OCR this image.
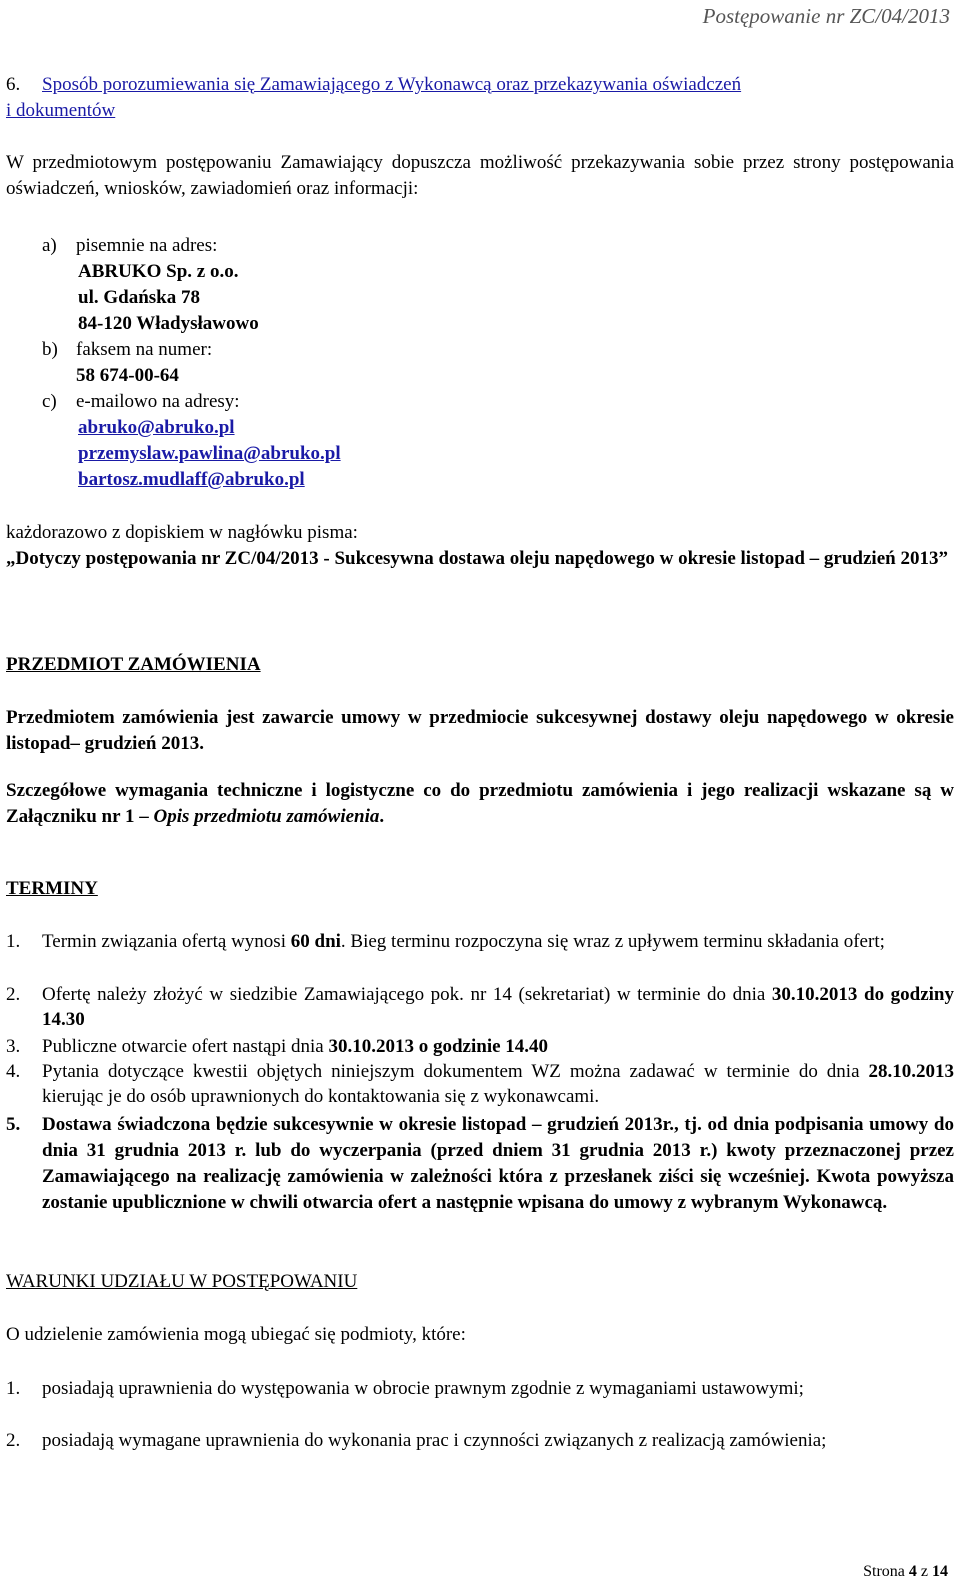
Postępowanie nr ZC/04/2013
6. Sposób porozumiewania się Zamawiającego z Wykonawcą oraz przekazywania oświadczeń
i dokumentów
W przedmiotowym postępowaniu Zamawiający dopuszcza możliwość przekazywania sobie przez strony postępowania oświadczeń, wniosków, zawiadomień oraz informacji:
a) pisemnie na adres:
ABRUKO Sp. z o.o.
ul. Gdańska 78
84-120 Władysławowo
b) faksem na numer:
58 674-00-64
c) e-mailowo na adresy:
abruko@abruko.pl
przemyslaw.pawlina@abruko.pl
bartosz.mudlaff@abruko.pl
każdorazowo z dopiskiem w nagłówku pisma:
„Dotyczy postępowania nr ZC/04/2013 - Sukcesywna dostawa oleju napędowego w okresie listopad – grudzień 2013”
PRZEDMIOT ZAMÓWIENIA
Przedmiotem zamówienia jest zawarcie umowy w przedmiocie sukcesywnej dostawy oleju napędowego w okresie listopad– grudzień 2013.
Szczegółowe wymagania techniczne i logistyczne co do przedmiotu zamówienia i jego realizacji wskazane są w Załączniku nr 1 – Opis przedmiotu zamówienia.
TERMINY
1. Termin związania ofertą wynosi 60 dni. Bieg terminu rozpoczyna się wraz z upływem terminu składania ofert;
2. Ofertę należy złożyć w siedzibie Zamawiającego pok. nr 14 (sekretariat) w terminie do dnia 30.10.2013 do godziny 14.30
3. Publiczne otwarcie ofert nastąpi dnia 30.10.2013 o godzinie 14.40
4. Pytania dotyczące kwestii objętych niniejszym dokumentem WZ można zadawać w terminie do dnia 28.10.2013 kierując je do osób uprawnionych do kontaktowania się z wykonawcami.
5. Dostawa świadczona będzie sukcesywnie w okresie listopad – grudzień 2013r., tj. od dnia podpisania umowy do dnia 31 grudnia 2013 r. lub do wyczerpania (przed dniem 31 grudnia 2013 r.) kwoty przeznaczonej przez Zamawiającego na realizację zamówienia w zależności która z przesłanek ziści się wcześniej. Kwota powyższa zostanie upublicznione w chwili otwarcia ofert a następnie wpisana do umowy z wybranym Wykonawcą.
WARUNKI UDZIAŁU W POSTĘPOWANIU
O udzielenie zamówienia mogą ubiegać się podmioty, które:
1. posiadają uprawnienia do występowania w obrocie prawnym zgodnie z wymaganiami ustawowymi;
2. posiadają wymagane uprawnienia do wykonania prac i czynności związanych z realizacją zamówienia;
Strona 4 z 14
